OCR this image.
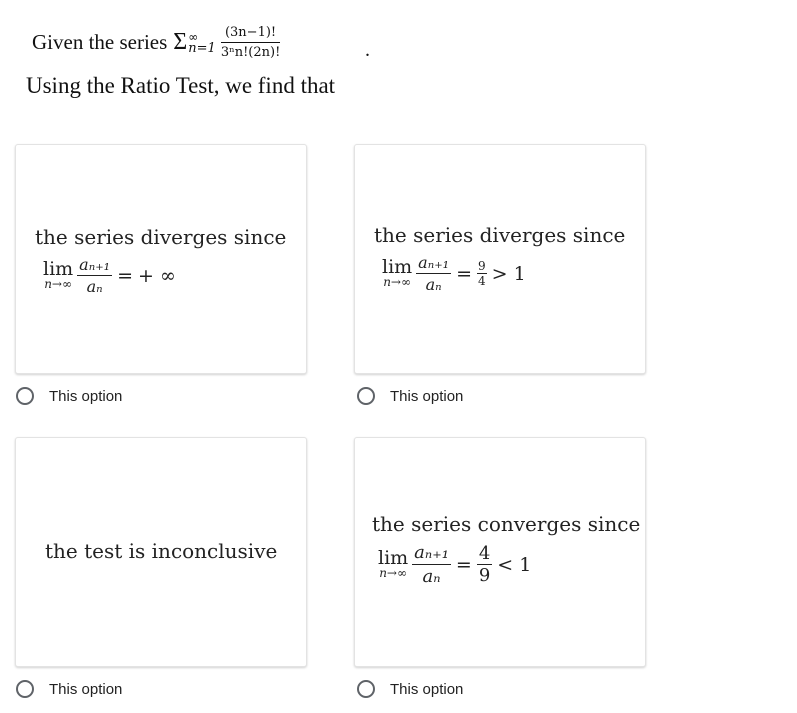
Given the series Σ ∞
$n=1 \frac{(3n-1)!}{\text{3ⁿn!(2n)!}}$	.
Using the Ratio Test, we find that
the series diverges since
lim
$n\to\infty \frac{\text{aₙ₊₁}}{\text{aₙ}}$ = + ∞
This option
the series diverges since
lim
$n\to\infty \frac{\text{aₙ₊₁}}{\text{aₙ}} = \frac{9}{4} > 1$
This option
the test is inconclusive
This option
the series converges since
lim
$n\to\infty \frac{\text{aₙ₊₁}}{\text{aₙ}} = \frac{4}{9} < 1$
This option
